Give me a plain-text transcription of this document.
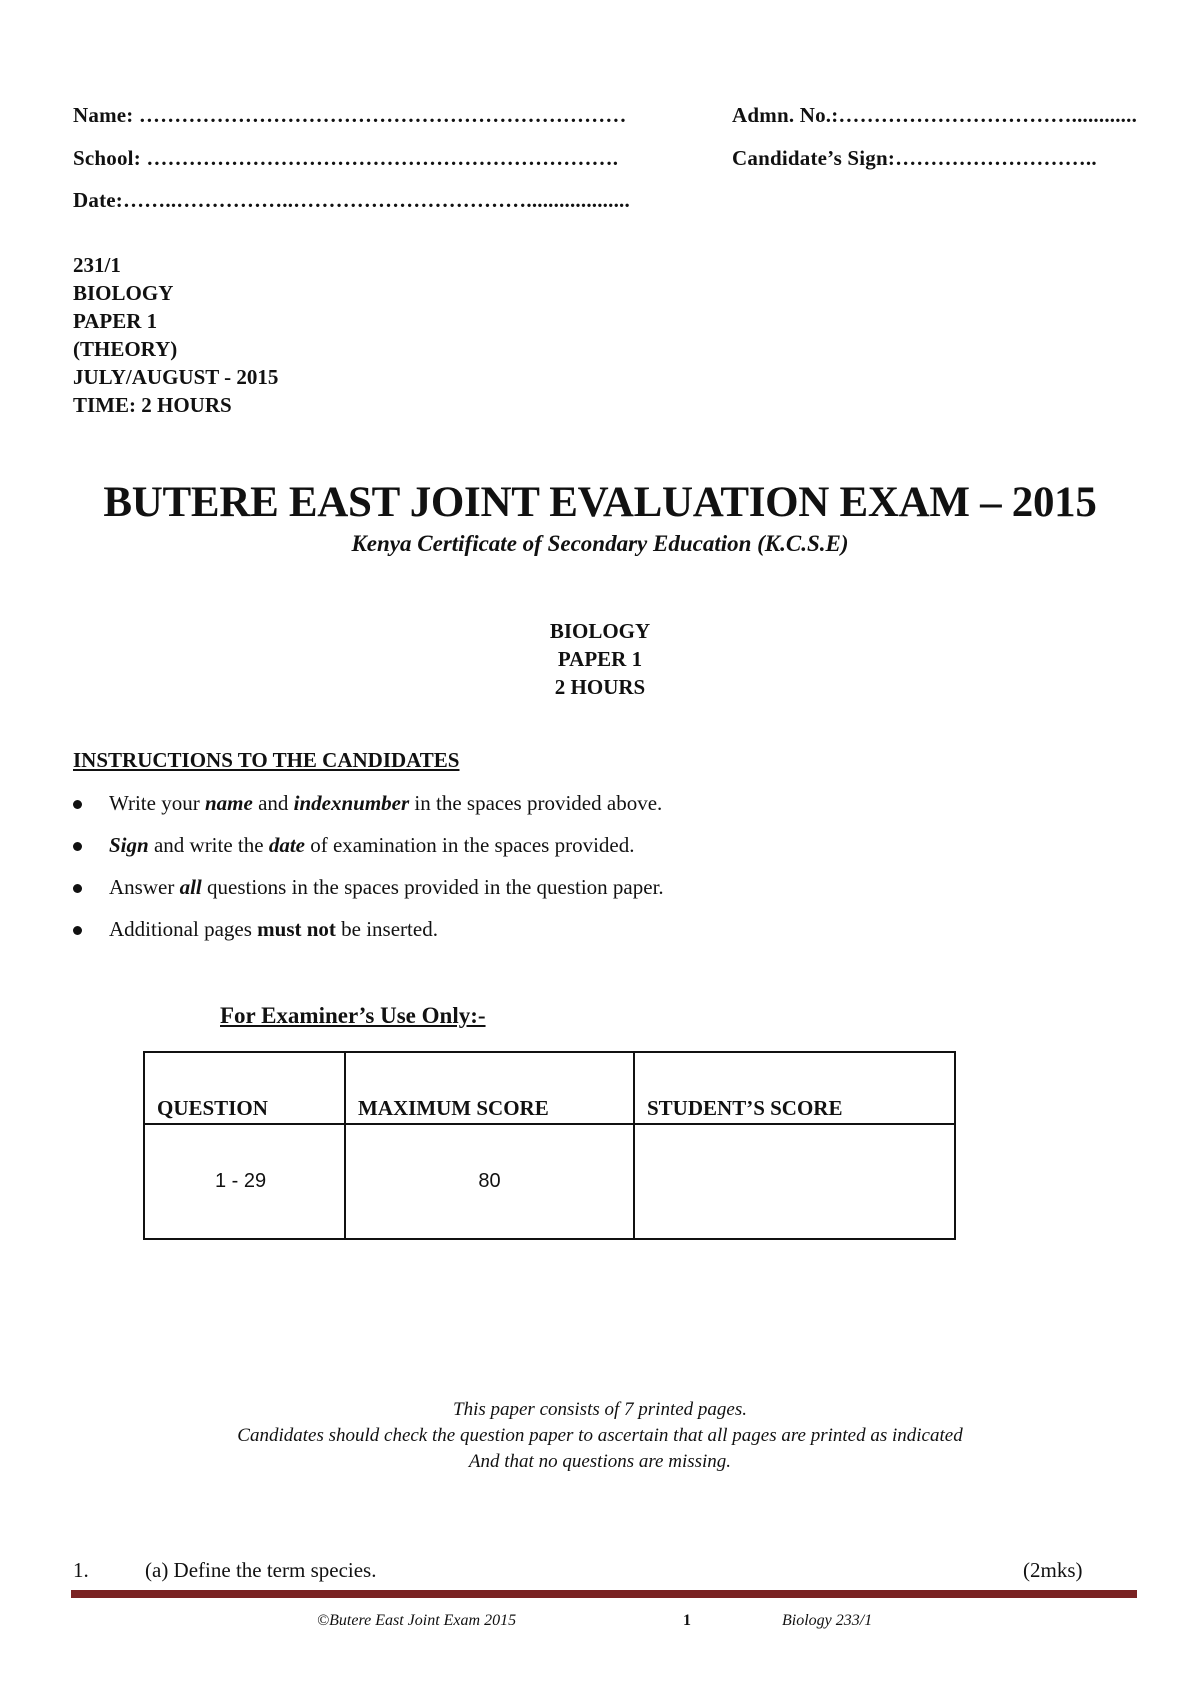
Name: ……………………………………………………………	Admn. No.:……………………………............
School: ………………………………………………………….	Candidate’s Sign:………………………..
Date:……..……………..……………………………...................
231/1
BIOLOGY
PAPER 1
(THEORY)
JULY/AUGUST - 2015
TIME: 2 HOURS
BUTERE EAST JOINT EVALUATION EXAM – 2015
Kenya Certificate of Secondary Education (K.C.S.E)
BIOLOGY
PAPER 1
2 HOURS
INSTRUCTIONS TO THE CANDIDATES
Write your name and indexnumber in the spaces provided above.
Sign and write the date of examination in the spaces provided.
Answer all questions in the spaces provided in the question paper.
Additional pages must not be inserted.
For Examiner’s Use Only:-
QUESTION	MAXIMUM SCORE	STUDENT’S SCORE
1 - 29	80	
This paper consists of 7 printed pages.
Candidates should check the question paper to ascertain that all pages are printed as indicated
And that no questions are missing.
1.	(a) Define the term species.	(2mks)
©Butere East Joint Exam 2015	1	Biology 233/1
